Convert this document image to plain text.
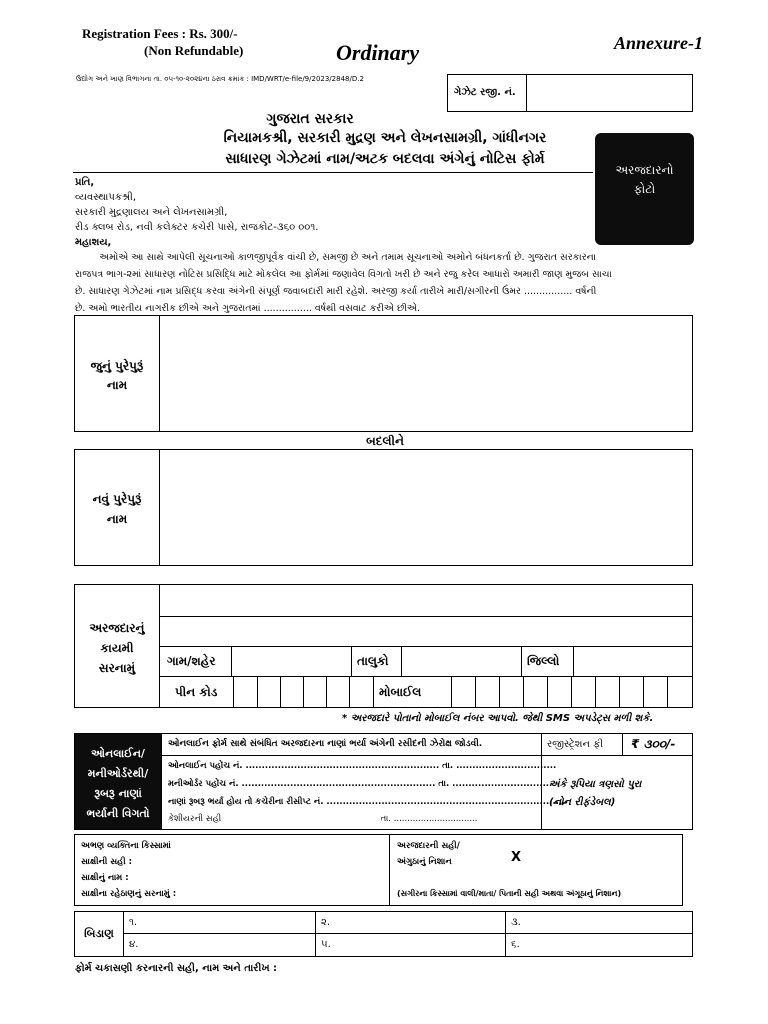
Registration Fees : Rs. 300/-
(Non Refundable)	Ordinary	Annexure-1
ઉદ્યોગ અને ખાણ વિભાગના તા. ૦૫-૧૦-૨૦૨૪ના ઠરાવ ક્રમાંક : IMD/WRT/e-file/9/2023/2848/D.2
ગેઝેટ રજી. નં.
ગુજરાત સરકાર
નિયામકશ્રી, સરકારી મુદ્રણ અને લેખનસામગ્રી, ગાંધીનગર
સાધારણ ગેઝેટમાં નામ/અટક બદલવા અંગેનું નોટિસ ફોર્મ
અરજદારનો
ફોટો
પ્રતિ,
વ્યવસ્થાપકશ્રી,
સરકારી મુદ્રણાલય અને લેખનસામગ્રી,
રીડ ક્લબ રોડ, નવી કલેક્ટર કચેરી પાસે, રાજકોટ-૩૬૦ ૦૦૧.
મહાશય,
અમોએ આ સાથે આપેલી સૂચનાઓ કાળજીપૂર્વક વાંચી છે, સમજી છે અને તમામ સૂચનાઓ અમોને બંધનકર્તા છે. ગુજરાત સરકારના
રાજપત્ર ભાગ-૨માં સાધારણ નોટિસ પ્રસિદ્ધિ માટે મોકલેલ આ ફોર્મમાં જણાવેલ વિગતો ખરી છે અને રજુ કરેલ આધારો અમારી જાણ મુજબ સાચા
છે. સાધારણ ગેઝેટમાં નામ પ્રસિદ્ધ કરવા અંગેની સંપૂર્ણ જવાબદારી મારી રહેશે. અરજી કર્યા તારીખે મારી/સગીરની ઉંમર ................ વર્ષની
છે. અમો ભારતીય નાગરીક છીએ અને ગુજરાતમાં ................ વર્ષથી વસવાટ કરીએ છીએ.
જુનું પુરેપુરૂં
નામ
બદલીને
નવું પુરેપુરૂં
નામ
અરજદારનું
કાયમી
સરનામું	ગામ/શહેર	તાલુકો	જિલ્લો
પીન કોડ	મોબાઈલ
* અરજદારે પોતાનો મોબાઈલ નંબર આપવો. જેથી SMS અપડેટ્સ મળી શકે.
ઓનલાઈન/
મનીઓર્ડરથી/
રૂબરૂ નાણાં
ભર્યાની વિગતો
ઓનલાઈન ફોર્મ સાથે સંબંધિત અરજદારના નાણાં ભર્યા અંગેની રસીદની ઝેરોક્ષ જોડવી.	રજીસ્ટ્રેશન ફી ₹ ૩૦૦/-
ઓનલાઈન પહોંચ નં. ............................................................ તા. ...............................
મનીઓર્ડર પહોંચ નં. ............................................................ તા. ...............................
નાણાં રૂબરૂ ભર્યા હોય તો કચેરીના રીસીપ્ટ નં. ..........................................................................
કેશીયરની સહી                                                           તા. ...............................
અંકે રૂપિયા ત્રણસો પુરા
(નોન રીફંડેબલ)
અભણ વ્યક્તિના કિસ્સામાં
સાક્ષીની સહી :
સાક્ષીનું નામ :
સાક્ષીના રહેઠાણનું સરનામું :
અરજદારની સહી/
અંગુઠાનું નિશાન	X
(સગીરના કિસ્સામાં વાલી/માતા/ પિતાની સહી અથવા અંગૂઠાનું નિશાન)
બિડાણ
૧.	૨.	૩.
૪.	૫.	૬.
ફોર્મ ચકાસણી કરનારની સહી, નામ અને તારીખ :
